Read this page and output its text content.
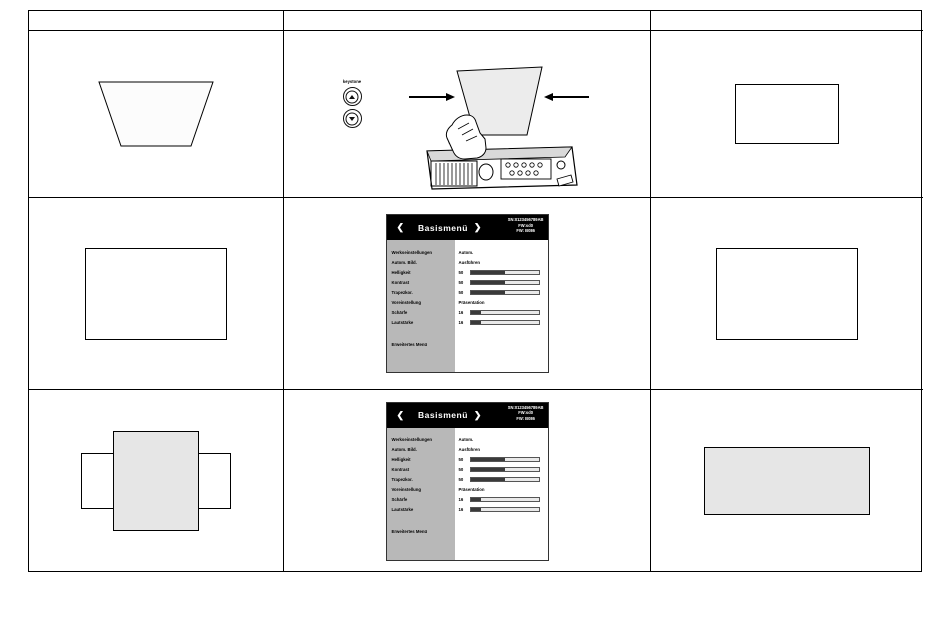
keystone
❮ Basismenü ❯
SN:0123456789AB
FW:sd0
FW: B086
Werkseinstellungen
Autom. Bild.
Helligkeit
Kontrast
Trapezkor.
Voreinstellung
Schärfe
Lautstärke
Erweitertes Menü
Autom.
Ausführen
50
50
50
Präsentation
16
16
❮ Basismenü ❯
SN:0123456789AB
FW:sd0
FW: B086
Werkseinstellungen
Autom. Bild.
Helligkeit
Kontrast
Trapezkor.
Voreinstellung
Schärfe
Lautstärke
Erweitertes Menü
Autom.
Ausführen
50
50
50
Präsentation
16
16
